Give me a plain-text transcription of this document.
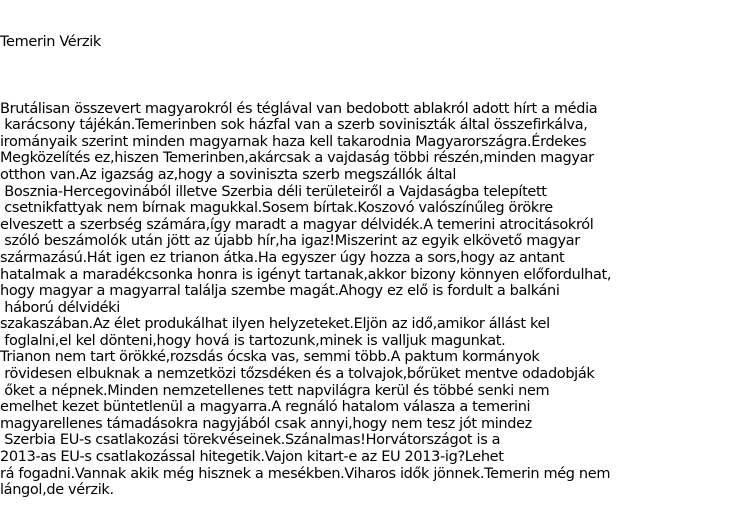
Temerin Vérzik

Brutálisan összevert magyarokról és téglával van bedobott ablakról adott hírt a média
karácsony tájékán.Temerinben sok házfal van a szerb soviniszták által összefirkálva,
irományaik szerint minden magyarnak haza kell takarodnia Magyarországra.Érdekes
Megközelítés ez,hiszen Temerinben,akárcsak a vajdaság többi részén,minden magyar
otthon van.Az igazság az,hogy a soviniszta szerb megszállók által
Bosznia-Hercegovinából illetve Szerbia déli területeiről a Vajdaságba telepített
csetnikfattyak nem bírnak magukkal.Sosem bírtak.Koszovó valószínűleg örökre
elveszett a szerbség számára,így maradt a magyar délvidék.A temerini atrocitásokról
szóló beszámolók után jött az újabb hír,ha igaz!Miszerint az egyik elkövető magyar
származású.Hát igen ez trianon átka.Ha egyszer úgy hozza a sors,hogy az antant
hatalmak a maradékcsonka honra is igényt tartanak,akkor bizony könnyen előfordulhat,
hogy magyar a magyarral találja szembe magát.Ahogy ez elő is fordult a balkáni
háború délvidéki
szakaszában.Az élet produkálhat ilyen helyzeteket.Eljön az idő,amikor állást kel
foglalni,el kel dönteni,hogy hová is tartozunk,minek is valljuk magunkat.
Trianon nem tart örökké,rozsdás ócska vas, semmi több.A paktum kormányok
rövidesen elbuknak a nemzetközi tőzsdéken és a tolvajok,bőrüket mentve odadobják
őket a népnek.Minden nemzetellenes tett napvilágra kerül és többé senki nem
emelhet kezet büntetlenül a magyarra.A regnáló hatalom válasza a temerini
magyarellenes támadásokra nagyjából csak annyi,hogy nem tesz jót mindez
Szerbia EU-s csatlakozási törekvéseinek.Szánalmas!Horvátországot is a
2013-as EU-s csatlakozással hitegetik.Vajon kitart-e az EU 2013-ig?Lehet
rá fogadni.Vannak akik még hisznek a mesékben.Viharos idők jönnek.Temerin még nem
lángol,de vérzik.
